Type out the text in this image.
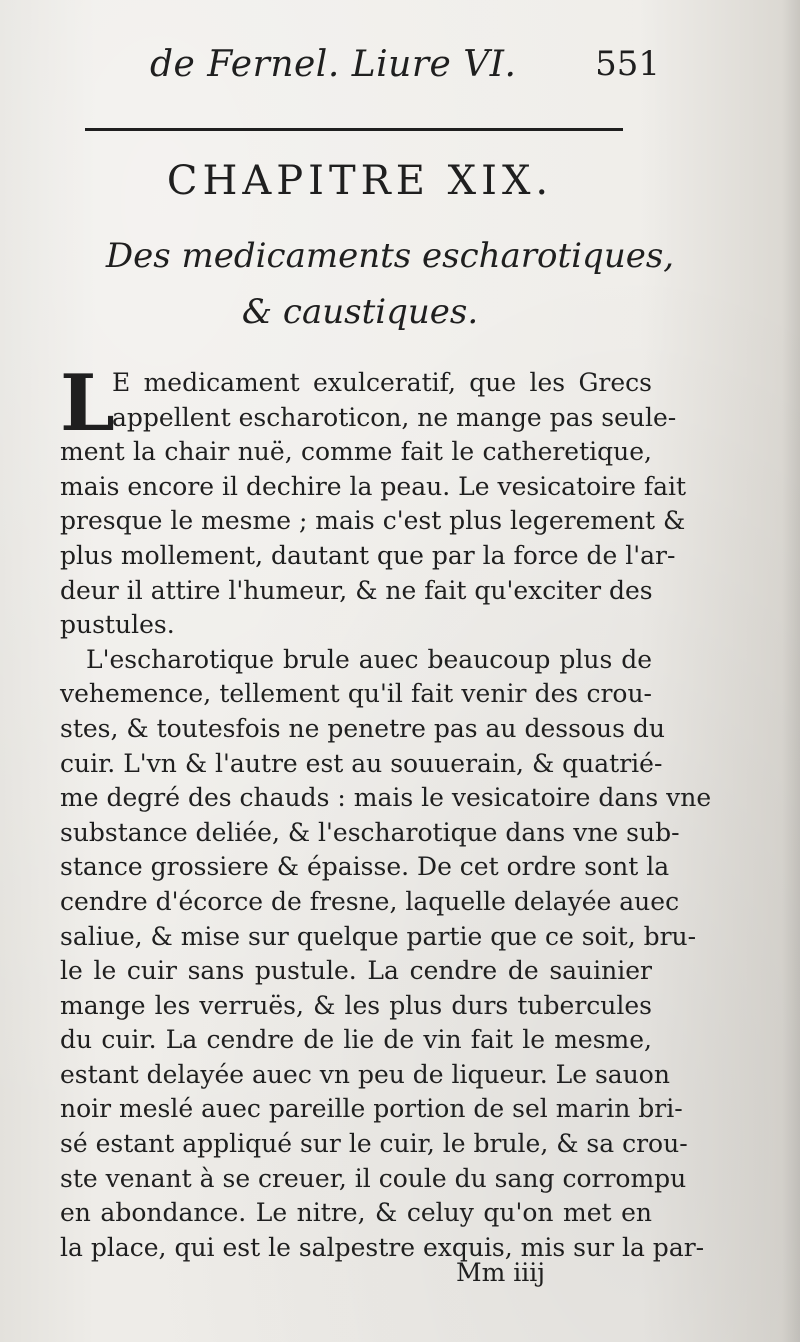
de Fernel. Liure VI. 551
CHAPITRE XIX.
Des medicaments escharotiques,
& caustiques.
L
E medicament exulceratif, que les Grecs
appellent escharoticon, ne mange pas seule-
ment la chair nuë, comme fait le catheretique,
mais encore il dechire la peau. Le vesicatoire fait
presque le mesme ; mais c'est plus legerement &
plus mollement, dautant que par la force de l'ar-
deur il attire l'humeur, & ne fait qu'exciter des
pustules.
L'escharotique brule auec beaucoup plus de
vehemence, tellement qu'il fait venir des crou-
stes, & toutesfois ne penetre pas au dessous du
cuir. L'vn & l'autre est au souuerain, & quatrié-
me degré des chauds : mais le vesicatoire dans vne
substance deliée, & l'escharotique dans vne sub-
stance grossiere & épaisse. De cet ordre sont la
cendre d'écorce de fresne, laquelle delayée auec
saliue, & mise sur quelque partie que ce soit, bru-
le le cuir sans pustule. La cendre de sauinier
mange les verruës, & les plus durs tubercules
du cuir. La cendre de lie de vin fait le mesme,
estant delayée auec vn peu de liqueur. Le sauon
noir meslé auec pareille portion de sel marin bri-
sé estant appliqué sur le cuir, le brule, & sa crou-
ste venant à se creuer, il coule du sang corrompu
en abondance. Le nitre, & celuy qu'on met en
la place, qui est le salpestre exquis, mis sur la par-
Mm iiij
